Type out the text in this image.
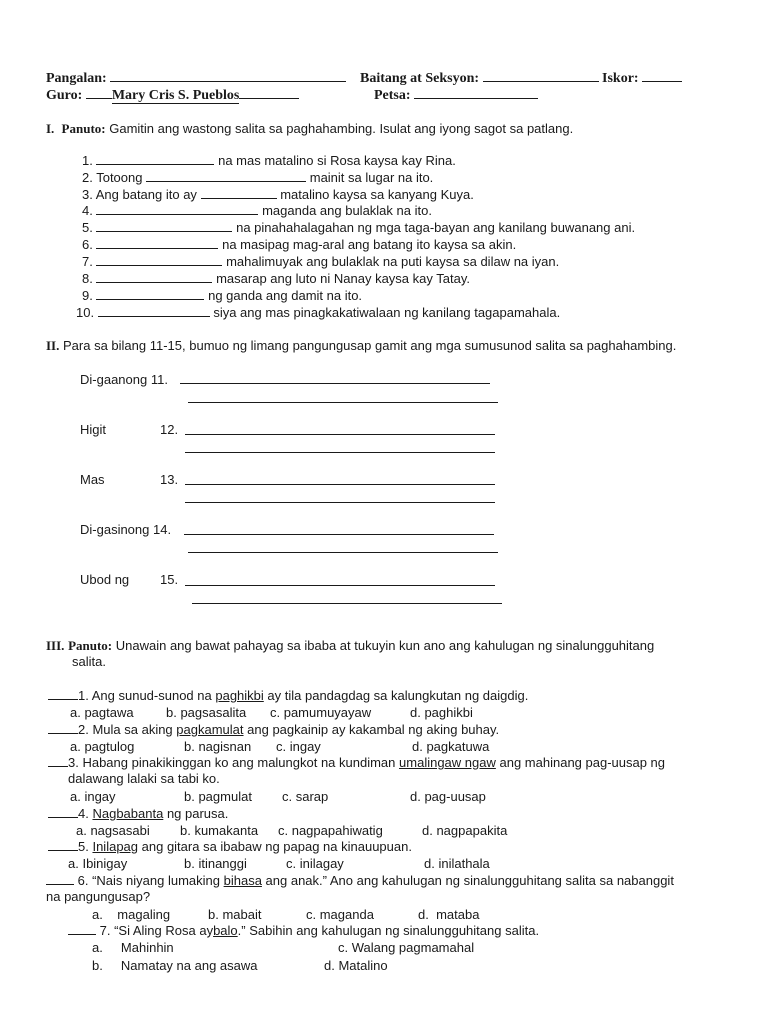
Pangalan:	Baitang at Seksyon:	Iskor:
Guro: Mary Cris S. Pueblos	Petsa:
I. Panuto: Gamitin ang wastong salita sa paghahambing. Isulat ang iyong sagot sa patlang.
1.	na mas matalino si Rosa kaysa kay Rina.
2. Totoong	mainit sa lugar na ito.
3. Ang batang ito ay	matalino kaysa sa kanyang Kuya.
4.	maganda ang bulaklak na ito.
5.	na pinahahalagahan ng mga taga-bayan ang kanilang buwanang ani.
6.	na masipag mag-aral ang batang ito kaysa sa akin.
7.	mahalimuyak ang bulaklak na puti kaysa sa dilaw na iyan.
8.	masarap ang luto ni Nanay kaysa kay Tatay.
9.	ng ganda ang damit na ito.
10.	siya ang mas pinagkakatiwalaan ng kanilang tagapamahala.
II. Para sa bilang 11-15, bumuo ng limang pangungusap gamit ang mga sumusunod salita sa paghahambing.
Di-gaanong 11.
Higit	12.
Mas	13.
Di-gasinong 14.
Ubod ng 15.
III. Panuto: Unawain ang bawat pahayag sa ibaba at tukuyin kun ano ang kahulugan ng sinalungguhitang
salita.
1. Ang sunud-sunod na paghikbi ay tila pandagdag sa kalungkutan ng daigdig.
a. pagtawa b. pagsasalita c. pamumuyayaw	d. paghikbi
2. Mula sa aking pagkamulat ang pagkainip ay kakambal ng aking buhay.
a. pagtulog	b. nagisnan c. ingay	d. pagkatuwa
3. Habang pinakikinggan ko ang malungkot na kundiman umalingaw ngaw ang mahinang pag-uusap ng
dalawang lalaki sa tabi ko.
a. ingay	b. pagmulat c. sarap	d. pag-uusap
4. Nagbabanta ng parusa.
a. nagsasabi b. kumakanta c. nagpapahiwatig	d. nagpapakita
5. Inilapag ang gitara sa ibabaw ng papag na kinauupuan.
a. Ibinigay	b. itinanggi	c. inilagay	d. inilathala
6. “Nais niyang lumaking bihasa ang anak.” Ano ang kahulugan ng sinalungguhitang salita sa nabanggit
na pangungusap?
a. magaling	b. mabait	c. maganda	d. mataba
7. “Si Aling Rosa aybalo.” Sabihin ang kahulugan ng sinalungguhitang salita.
a. Mahinhin	c. Walang pagmamahal
b. Namatay na ang asawa	d. Matalino
